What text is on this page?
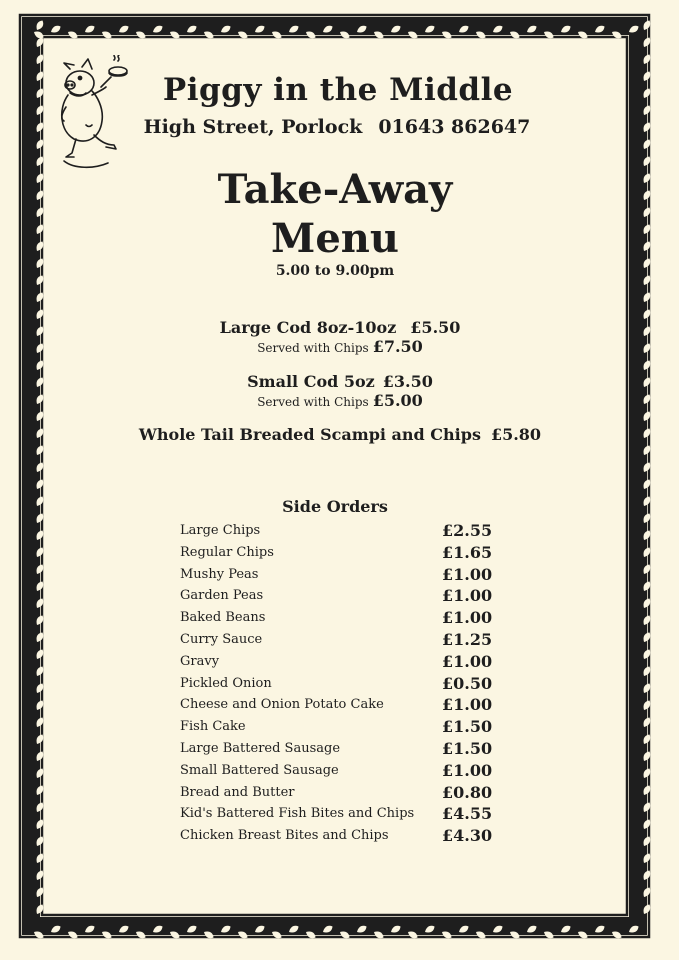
Piggy in the Middle
High Street, Porlock 01643 862647
Take-Away
Menu
5.00 to 9.00pm
Large Cod 8oz-10oz £5.50
Served with Chips £7.50
Small Cod 5oz £3.50
Served with Chips £5.00
Whole Tail Breaded Scampi and Chips £5.80
Side Orders
Large Chips	£2.55
Regular Chips	£1.65
Mushy Peas	£1.00
Garden Peas	£1.00
Baked Beans	£1.00
Curry Sauce	£1.25
Gravy	£1.00
Pickled Onion	£0.50
Cheese and Onion Potato Cake	£1.00
Fish Cake	£1.50
Large Battered Sausage	£1.50
Small Battered Sausage	£1.00
Bread and Butter	£0.80
Kid's Battered Fish Bites and Chips £4.55
Chicken Breast Bites and Chips	£4.30
